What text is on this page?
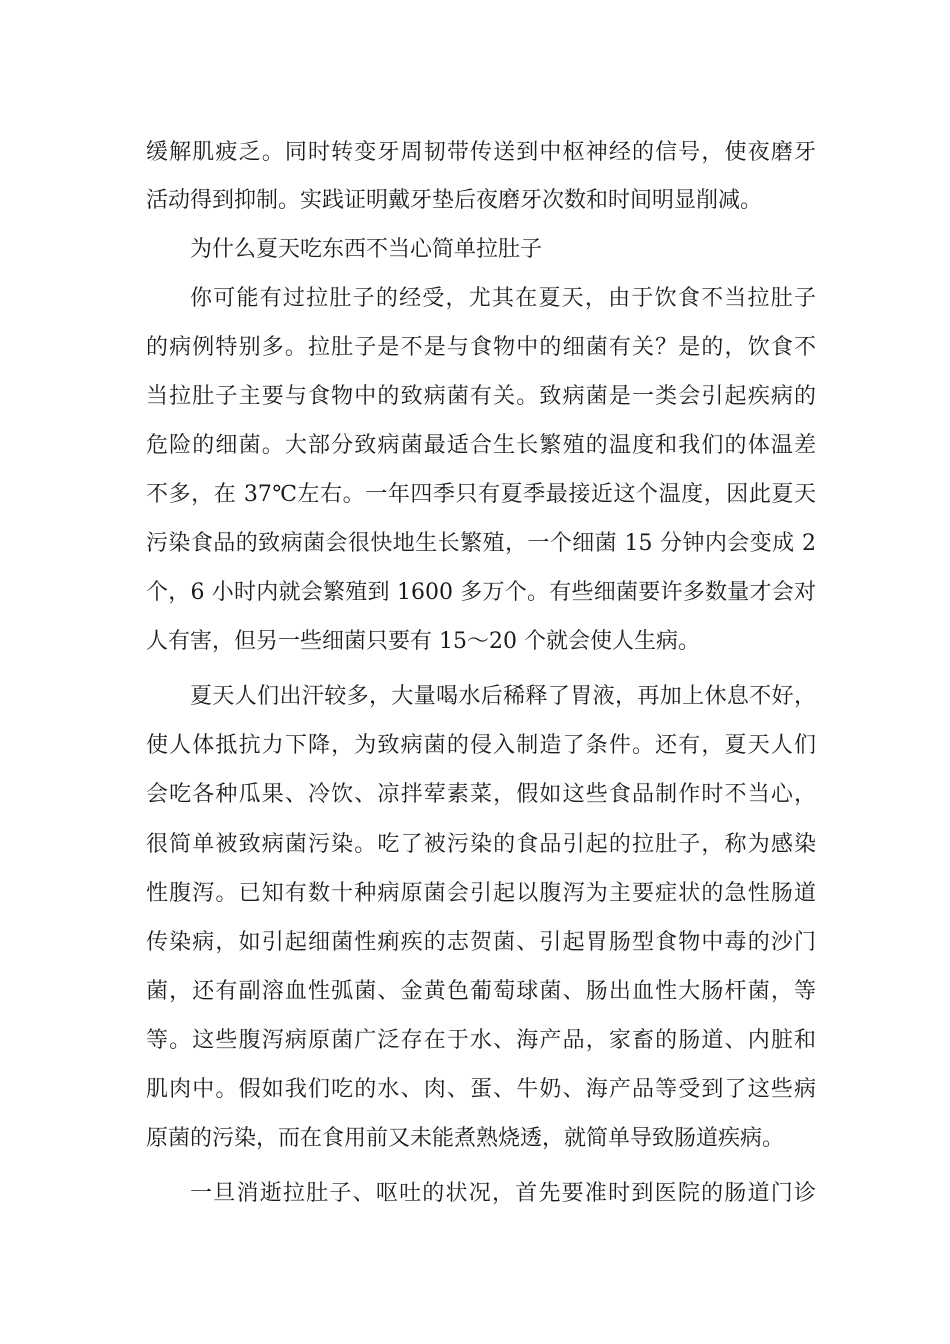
缓解肌疲乏。同时转变牙周韧带传送到中枢神经的信号，使夜磨牙
活动得到抑制。实践证明戴牙垫后夜磨牙次数和时间明显削减。
为什么夏天吃东西不当心简单拉肚子
你可能有过拉肚子的经受，尤其在夏天，由于饮食不当拉肚子
的病例特别多。拉肚子是不是与食物中的细菌有关？是的，饮食不
当拉肚子主要与食物中的致病菌有关。致病菌是一类会引起疾病的
危险的细菌。大部分致病菌最适合生长繁殖的温度和我们的体温差
不多，在 37℃左右。一年四季只有夏季最接近这个温度，因此夏天
污染食品的致病菌会很快地生长繁殖，一个细菌 15 分钟内会变成 2
个，6 小时内就会繁殖到 1600 多万个。有些细菌要许多数量才会对
人有害，但另一些细菌只要有 15～20 个就会使人生病。
夏天人们出汗较多，大量喝水后稀释了胃液，再加上休息不好，
使人体抵抗力下降，为致病菌的侵入制造了条件。还有，夏天人们
会吃各种瓜果、冷饮、凉拌荤素菜，假如这些食品制作时不当心，
很简单被致病菌污染。吃了被污染的食品引起的拉肚子，称为感染
性腹泻。已知有数十种病原菌会引起以腹泻为主要症状的急性肠道
传染病，如引起细菌性痢疾的志贺菌、引起胃肠型食物中毒的沙门
菌，还有副溶血性弧菌、金黄色葡萄球菌、肠出血性大肠杆菌，等
等。这些腹泻病原菌广泛存在于水、海产品，家畜的肠道、内脏和
肌肉中。假如我们吃的水、肉、蛋、牛奶、海产品等受到了这些病
原菌的污染，而在食用前又未能煮熟烧透，就简单导致肠道疾病。
一旦消逝拉肚子、呕吐的状况，首先要准时到医院的肠道门诊
